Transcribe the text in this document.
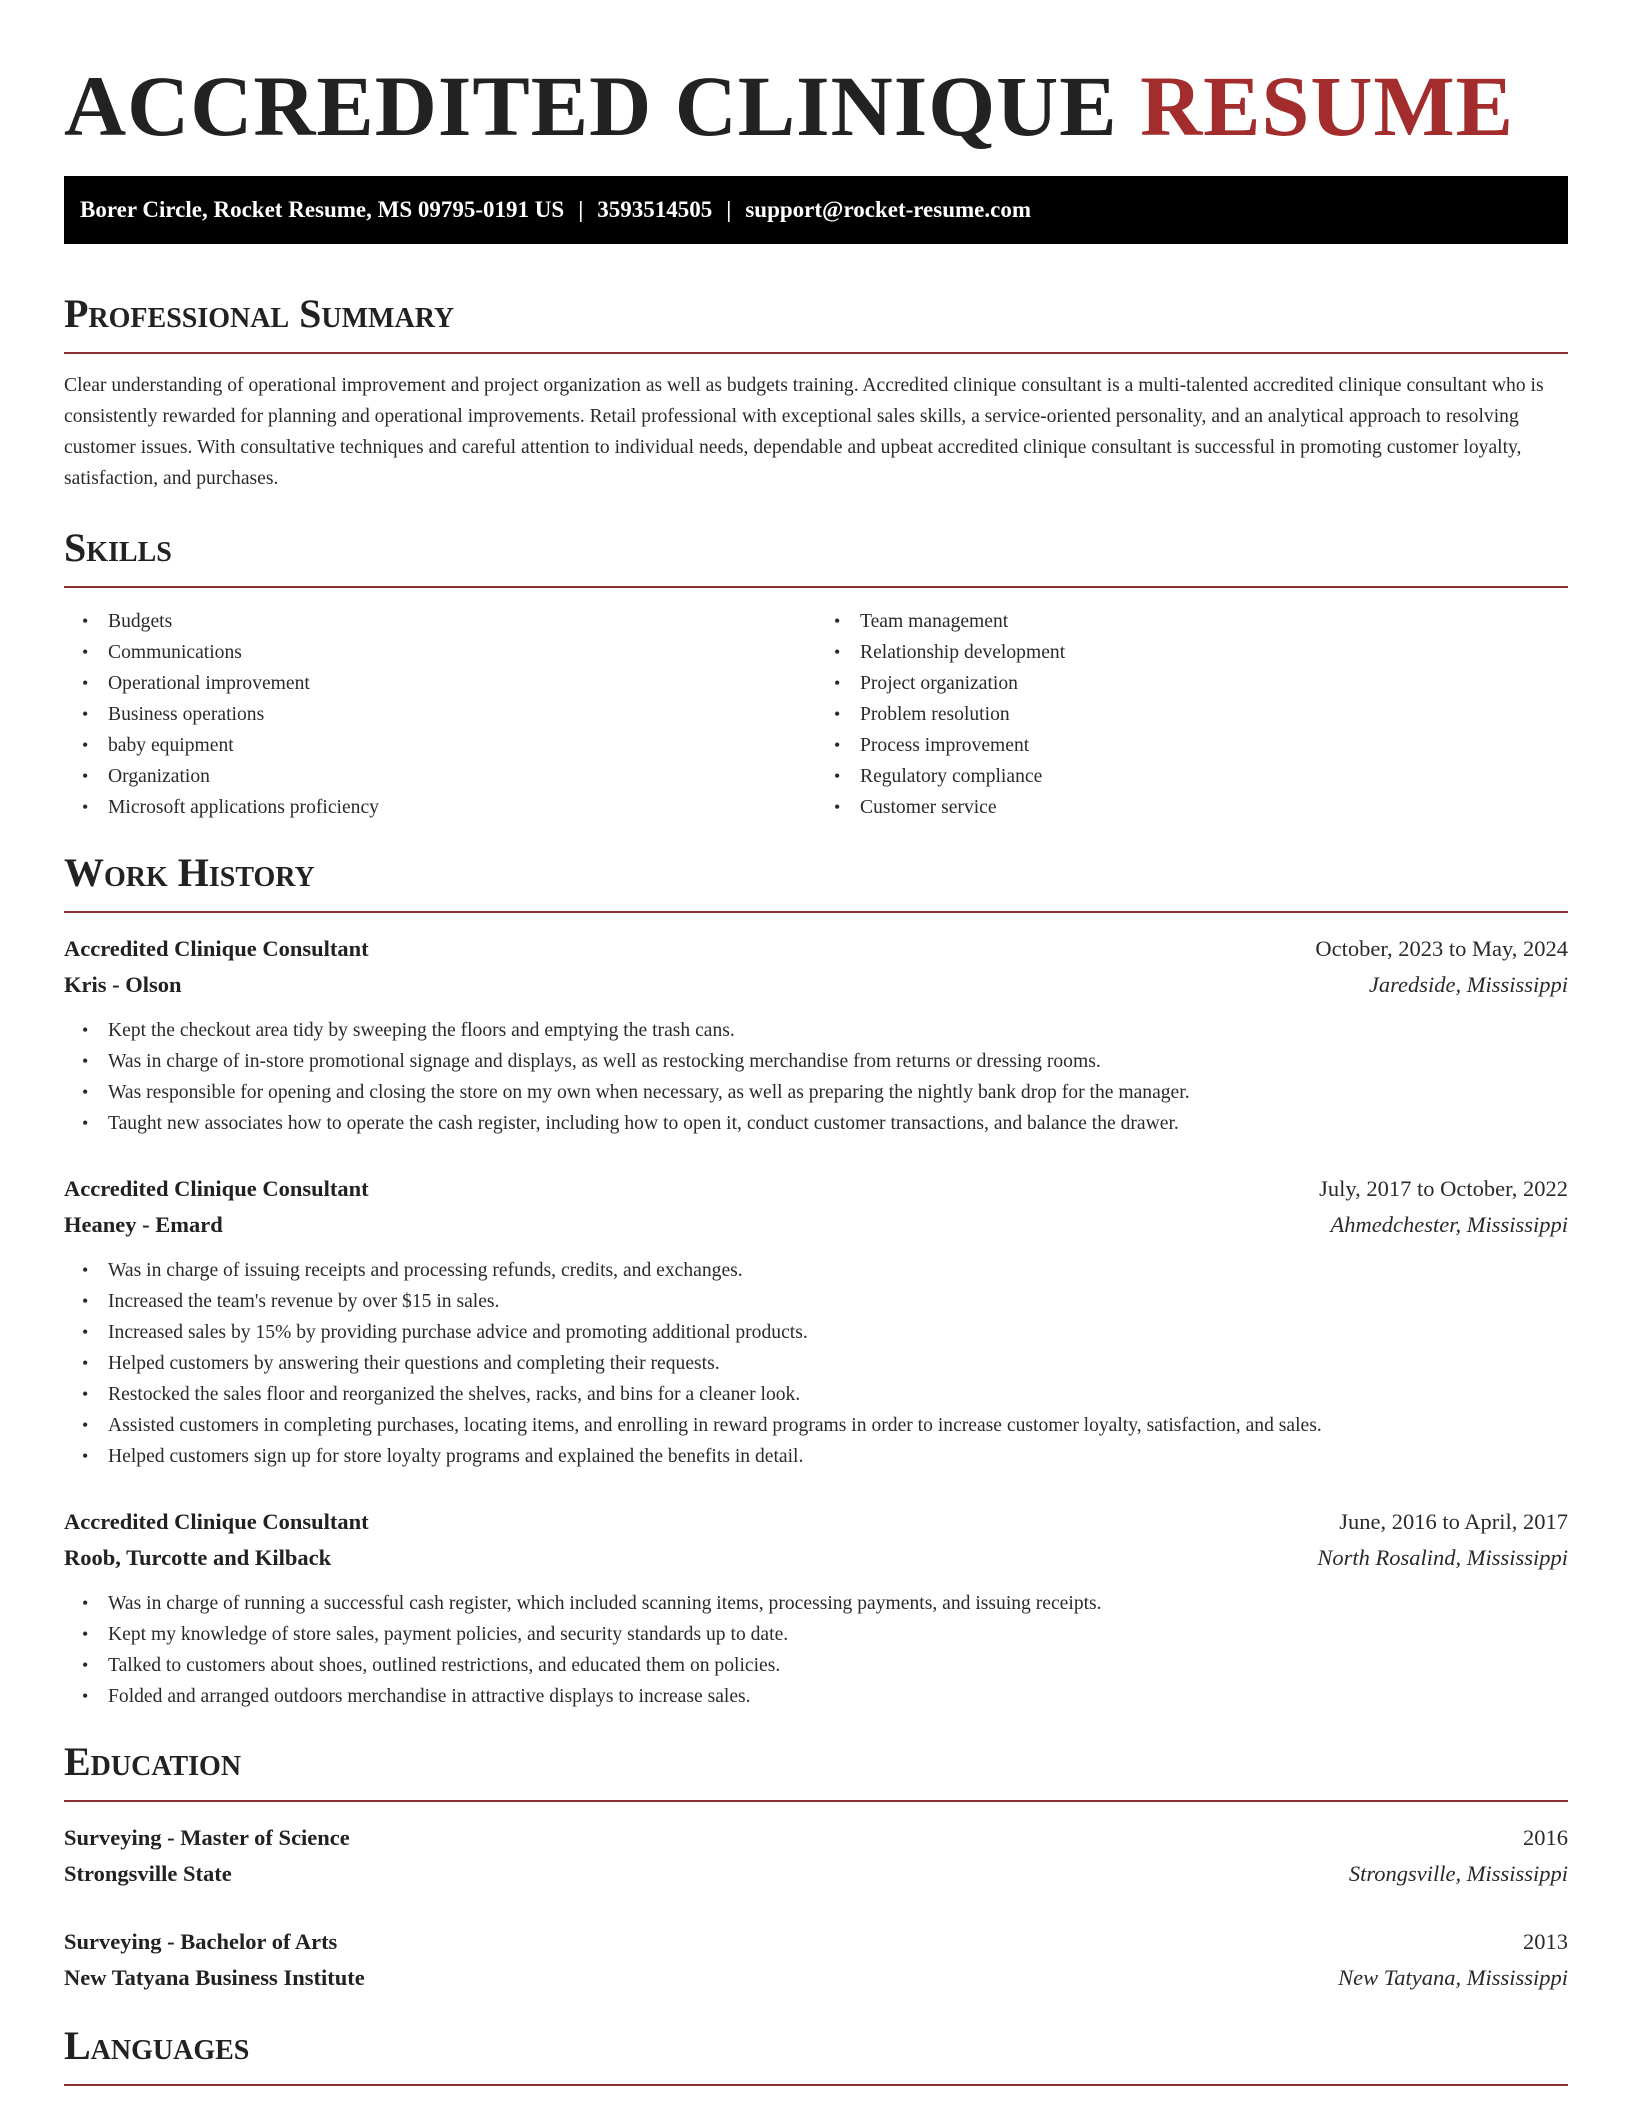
ACCREDITED CLINIQUE RESUME
Borer Circle, Rocket Resume, MS 09795-0191 US | 3593514505 | support@rocket-resume.com
Professional Summary

Clear understanding of operational improvement and project organization as well as budgets training. Accredited clinique consultant is a multi-talented accredited clinique consultant who is consistently rewarded for planning and operational improvements. Retail professional with exceptional sales skills, a service-oriented personality, and an analytical approach to resolving customer issues. With consultative techniques and careful attention to individual needs, dependable and upbeat accredited clinique consultant is successful in promoting customer loyalty, satisfaction, and purchases.

Skills
• Budgets
• Communications
• Operational improvement
• Business operations
• baby equipment
• Organization
• Microsoft applications proficiency
• Team management
• Relationship development
• Project organization
• Problem resolution
• Process improvement
• Regulatory compliance
• Customer service
Work History
Accredited Clinique Consultant	October, 2023 to May, 2024
Kris - Olson	Jaredside, Mississippi
• Kept the checkout area tidy by sweeping the floors and emptying the trash cans.
• Was in charge of in-store promotional signage and displays, as well as restocking merchandise from returns or dressing rooms.
• Was responsible for opening and closing the store on my own when necessary, as well as preparing the nightly bank drop for the manager.
• Taught new associates how to operate the cash register, including how to open it, conduct customer transactions, and balance the drawer.
Accredited Clinique Consultant	July, 2017 to October, 2022
Heaney - Emard	Ahmedchester, Mississippi
• Was in charge of issuing receipts and processing refunds, credits, and exchanges.
• Increased the team's revenue by over $15 in sales.
• Increased sales by 15% by providing purchase advice and promoting additional products.
• Helped customers by answering their questions and completing their requests.
• Restocked the sales floor and reorganized the shelves, racks, and bins for a cleaner look.
• Assisted customers in completing purchases, locating items, and enrolling in reward programs in order to increase customer loyalty, satisfaction, and sales.
• Helped customers sign up for store loyalty programs and explained the benefits in detail.
Accredited Clinique Consultant	June, 2016 to April, 2017
Roob, Turcotte and Kilback	North Rosalind, Mississippi
• Was in charge of running a successful cash register, which included scanning items, processing payments, and issuing receipts.
• Kept my knowledge of store sales, payment policies, and security standards up to date.
• Talked to customers about shoes, outlined restrictions, and educated them on policies.
• Folded and arranged outdoors merchandise in attractive displays to increase sales.
Education
Surveying - Master of Science	2016
Strongsville State	Strongsville, Mississippi
Surveying - Bachelor of Arts	2013
New Tatyana Business Institute	New Tatyana, Mississippi
Languages
